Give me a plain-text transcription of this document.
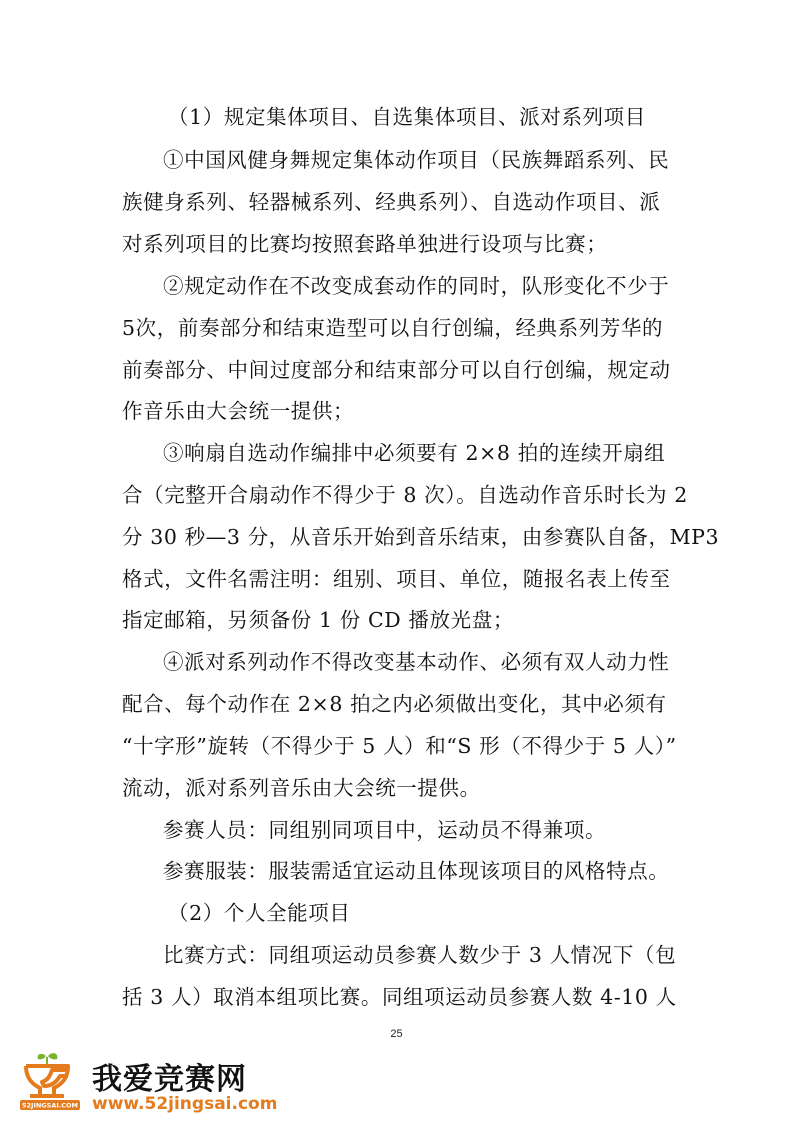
（1）规定集体项目、自选集体项目、派对系列项目
①中国风健身舞规定集体动作项目（民族舞蹈系列、民
族健身系列、轻器械系列、经典系列）、自选动作项目、派
对系列项目的比赛均按照套路单独进行设项与比赛；
②规定动作在不改变成套动作的同时，队形变化不少于
5次，前奏部分和结束造型可以自行创编，经典系列芳华的
前奏部分、中间过度部分和结束部分可以自行创编，规定动
作音乐由大会统一提供；
③响扇自选动作编排中必须要有 2×8 拍的连续开扇组
合（完整开合扇动作不得少于 8 次）。自选动作音乐时长为 2
分 30 秒—3 分，从音乐开始到音乐结束，由参赛队自备，MP3
格式，文件名需注明：组别、项目、单位，随报名表上传至
指定邮箱，另须备份 1 份 CD 播放光盘；
④派对系列动作不得改变基本动作、必须有双人动力性
配合、每个动作在 2×8 拍之内必须做出变化，其中必须有
“十字形”旋转（不得少于 5 人）和“S 形（不得少于 5 人）”
流动，派对系列音乐由大会统一提供。
参赛人员：同组别同项目中，运动员不得兼项。
参赛服装：服装需适宜运动且体现该项目的风格特点。
（2）个人全能项目
比赛方式：同组项运动员参赛人数少于 3 人情况下（包
括 3 人）取消本组项比赛。同组项运动员参赛人数 4-10 人
25
52JINGSAI.COM
我爱竞赛网
www.52jingsai.com
